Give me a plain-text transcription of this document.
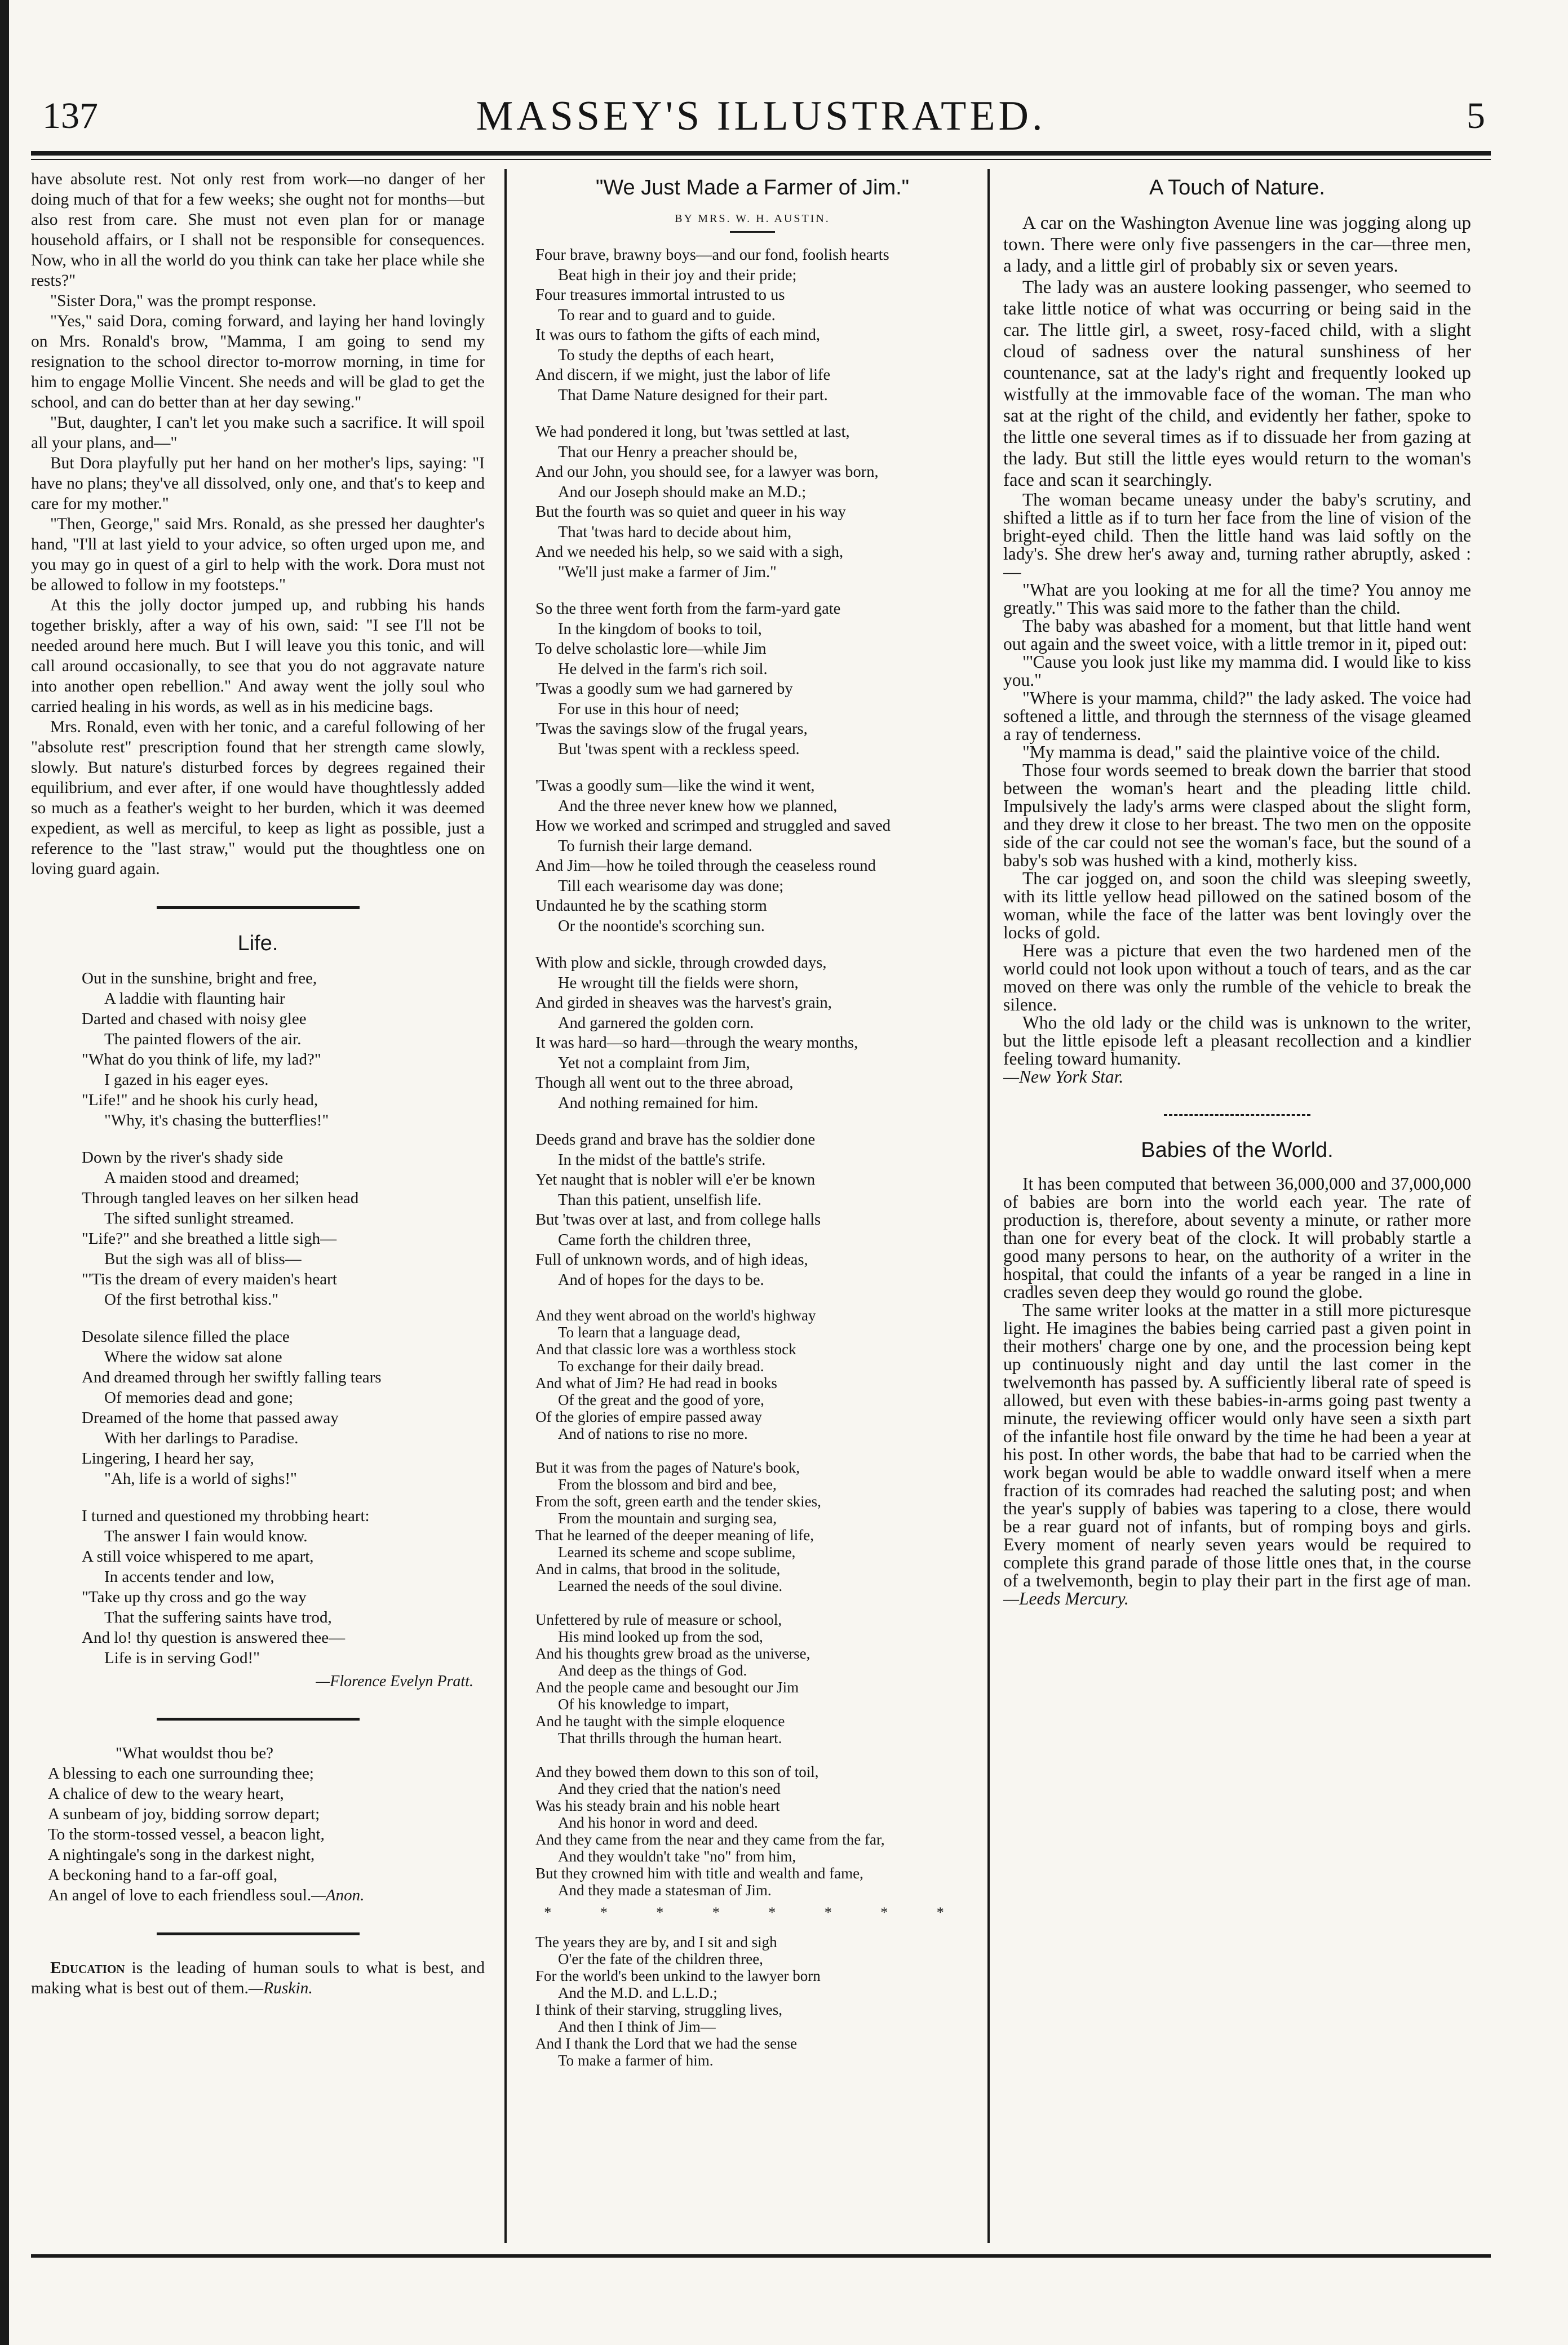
137	MASSEY'S ILLUSTRATED.	5

have absolute rest. Not only rest from work—no danger of her doing much of that for a few weeks; she ought not for months—but also rest from care. She must not even plan for or manage household affairs, or I shall not be responsible for consequences. Now, who in all the world do you think can take her place while she rests?"

"Sister Dora," was the prompt response.

"Yes," said Dora, coming forward, and laying her hand lovingly on Mrs. Ronald's brow, "Mamma, I am going to send my resignation to the school director to-morrow morning, in time for him to engage Mollie Vincent. She needs and will be glad to get the school, and can do better than at her day sewing."

"But, daughter, I can't let you make such a sacrifice. It will spoil all your plans, and—"

But Dora playfully put her hand on her mother's lips, saying: "I have no plans; they've all dissolved, only one, and that's to keep and care for my mother."

"Then, George," said Mrs. Ronald, as she pressed her daughter's hand, "I'll at last yield to your advice, so often urged upon me, and you may go in quest of a girl to help with the work. Dora must not be allowed to follow in my footsteps."

At this the jolly doctor jumped up, and rubbing his hands together briskly, after a way of his own, said: "I see I'll not be needed around here much. But I will leave you this tonic, and will call around occasionally, to see that you do not aggravate nature into another open rebellion." And away went the jolly soul who carried healing in his words, as well as in his medicine bags.

Mrs. Ronald, even with her tonic, and a careful following of her "absolute rest" prescription found that her strength came slowly, slowly. But nature's disturbed forces by degrees regained their equilibrium, and ever after, if one would have thoughtlessly added so much as a feather's weight to her burden, which it was deemed expedient, as well as merciful, to keep as light as possible, just a reference to the "last straw," would put the thoughtless one on loving guard again.

Life.
Out in the sunshine, bright and free,
A laddie with flaunting hair
Darted and chased with noisy glee
The painted flowers of the air.
"What do you think of life, my lad?"
I gazed in his eager eyes.
"Life!" and he shook his curly head,
"Why, it's chasing the butterflies!"
Down by the river's shady side
A maiden stood and dreamed;
Through tangled leaves on her silken head
The sifted sunlight streamed.
"Life?" and she breathed a little sigh—
But the sigh was all of bliss—
"'Tis the dream of every maiden's heart
Of the first betrothal kiss."
Desolate silence filled the place
Where the widow sat alone
And dreamed through her swiftly falling tears
Of memories dead and gone;
Dreamed of the home that passed away
With her darlings to Paradise.
Lingering, I heard her say,
"Ah, life is a world of sighs!"
I turned and questioned my throbbing heart:
The answer I fain would know.
A still voice whispered to me apart,
In accents tender and low,
"Take up thy cross and go the way
That the suffering saints have trod,
And lo! thy question is answered thee—
Life is in serving God!"
—Florence Evelyn Pratt.
"What wouldst thou be?
A blessing to each one surrounding thee;
A chalice of dew to the weary heart,
A sunbeam of joy, bidding sorrow depart;
To the storm-tossed vessel, a beacon light,
A nightingale's song in the darkest night,
A beckoning hand to a far-off goal,
An angel of love to each friendless soul.—Anon.

Education is the leading of human souls to what is best, and making what is best out of them.—Ruskin.

"We Just Made a Farmer of Jim."
BY MRS. W. H. AUSTIN.
Four brave, brawny boys—and our fond, foolish hearts
Beat high in their joy and their pride;
Four treasures immortal intrusted to us
To rear and to guard and to guide.
It was ours to fathom the gifts of each mind,
To study the depths of each heart,
And discern, if we might, just the labor of life
That Dame Nature designed for their part.
We had pondered it long, but 'twas settled at last,
That our Henry a preacher should be,
And our John, you should see, for a lawyer was born,
And our Joseph should make an M.D.;
But the fourth was so quiet and queer in his way
That 'twas hard to decide about him,
And we needed his help, so we said with a sigh,
"We'll just make a farmer of Jim."
So the three went forth from the farm-yard gate
In the kingdom of books to toil,
To delve scholastic lore—while Jim
He delved in the farm's rich soil.
'Twas a goodly sum we had garnered by
For use in this hour of need;
'Twas the savings slow of the frugal years,
But 'twas spent with a reckless speed.
'Twas a goodly sum—like the wind it went,
And the three never knew how we planned,
How we worked and scrimped and struggled and saved
To furnish their large demand.
And Jim—how he toiled through the ceaseless round
Till each wearisome day was done;
Undaunted he by the scathing storm
Or the noontide's scorching sun.
With plow and sickle, through crowded days,
He wrought till the fields were shorn,
And girded in sheaves was the harvest's grain,
And garnered the golden corn.
It was hard—so hard—through the weary months,
Yet not a complaint from Jim,
Though all went out to the three abroad,
And nothing remained for him.
Deeds grand and brave has the soldier done
In the midst of the battle's strife.
Yet naught that is nobler will e'er be known
Than this patient, unselfish life.
But 'twas over at last, and from college halls
Came forth the children three,
Full of unknown words, and of high ideas,
And of hopes for the days to be.
And they went abroad on the world's highway
To learn that a language dead,
And that classic lore was a worthless stock
To exchange for their daily bread.
And what of Jim? He had read in books
Of the great and the good of yore,
Of the glories of empire passed away
And of nations to rise no more.
But it was from the pages of Nature's book,
From the blossom and bird and bee,
From the soft, green earth and the tender skies,
From the mountain and surging sea,
That he learned of the deeper meaning of life,
Learned its scheme and scope sublime,
And in calms, that brood in the solitude,
Learned the needs of the soul divine.
Unfettered by rule of measure or school,
His mind looked up from the sod,
And his thoughts grew broad as the universe,
And deep as the things of God.
And the people came and besought our Jim
Of his knowledge to impart,
And he taught with the simple eloquence
That thrills through the human heart.
And they bowed them down to this son of toil,
And they cried that the nation's need
Was his steady brain and his noble heart
And his honor in word and deed.
And they came from the near and they came from the far,
And they wouldn't take "no" from him,
But they crowned him with title and wealth and fame,
And they made a statesman of Jim.
* * * * * * * *
The years they are by, and I sit and sigh
O'er the fate of the children three,
For the world's been unkind to the lawyer born
And the M.D. and L.L.D.;
I think of their starving, struggling lives,
And then I think of Jim—
And I thank the Lord that we had the sense
To make a farmer of him.
A Touch of Nature.

A car on the Washington Avenue line was jogging along up town. There were only five passengers in the car—three men, a lady, and a little girl of probably six or seven years.

The lady was an austere looking passenger, who seemed to take little notice of what was occurring or being said in the car. The little girl, a sweet, rosy-faced child, with a slight cloud of sadness over the natural sunshiness of her countenance, sat at the lady's right and frequently looked up wistfully at the immovable face of the woman. The man who sat at the right of the child, and evidently her father, spoke to the little one several times as if to dissuade her from gazing at the lady. But still the little eyes would return to the woman's face and scan it searchingly.

The woman became uneasy under the baby's scrutiny, and shifted a little as if to turn her face from the line of vision of the bright-eyed child. Then the little hand was laid softly on the lady's. She drew her's away and, turning rather abruptly, asked :—

"What are you looking at me for all the time? You annoy me greatly." This was said more to the father than the child.

The baby was abashed for a moment, but that little hand went out again and the sweet voice, with a little tremor in it, piped out:

"'Cause you look just like my mamma did. I would like to kiss you."

"Where is your mamma, child?" the lady asked. The voice had softened a little, and through the sternness of the visage gleamed a ray of tenderness.

"My mamma is dead," said the plaintive voice of the child.

Those four words seemed to break down the barrier that stood between the woman's heart and the pleading little child. Impulsively the lady's arms were clasped about the slight form, and they drew it close to her breast. The two men on the opposite side of the car could not see the woman's face, but the sound of a baby's sob was hushed with a kind, motherly kiss.

The car jogged on, and soon the child was sleeping sweetly, with its little yellow head pillowed on the satined bosom of the woman, while the face of the latter was bent lovingly over the locks of gold.

Here was a picture that even the two hardened men of the world could not look upon without a touch of tears, and as the car moved on there was only the rumble of the vehicle to break the silence.

Who the old lady or the child was is unknown to the writer, but the little episode left a pleasant recollection and a kindlier feeling toward humanity.

—New York Star.

Babies of the World.

It has been computed that between 36,000,000 and 37,000,000 of babies are born into the world each year. The rate of production is, therefore, about seventy a minute, or rather more than one for every beat of the clock. It will probably startle a good many persons to hear, on the authority of a writer in the hospital, that could the infants of a year be ranged in a line in cradles seven deep they would go round the globe.

The same writer looks at the matter in a still more picturesque light. He imagines the babies being carried past a given point in their mothers' charge one by one, and the procession being kept up continuously night and day until the last comer in the twelvemonth has passed by. A sufficiently liberal rate of speed is allowed, but even with these babies-in-arms going past twenty a minute, the reviewing officer would only have seen a sixth part of the infantile host file onward by the time he had been a year at his post. In other words, the babe that had to be carried when the work began would be able to waddle onward itself when a mere fraction of its comrades had reached the saluting post; and when the year's supply of babies was tapering to a close, there would be a rear guard not of infants, but of romping boys and girls. Every moment of nearly seven years would be required to complete this grand parade of those little ones that, in the course of a twelvemonth, begin to play their part in the first age of man.—Leeds Mercury.
